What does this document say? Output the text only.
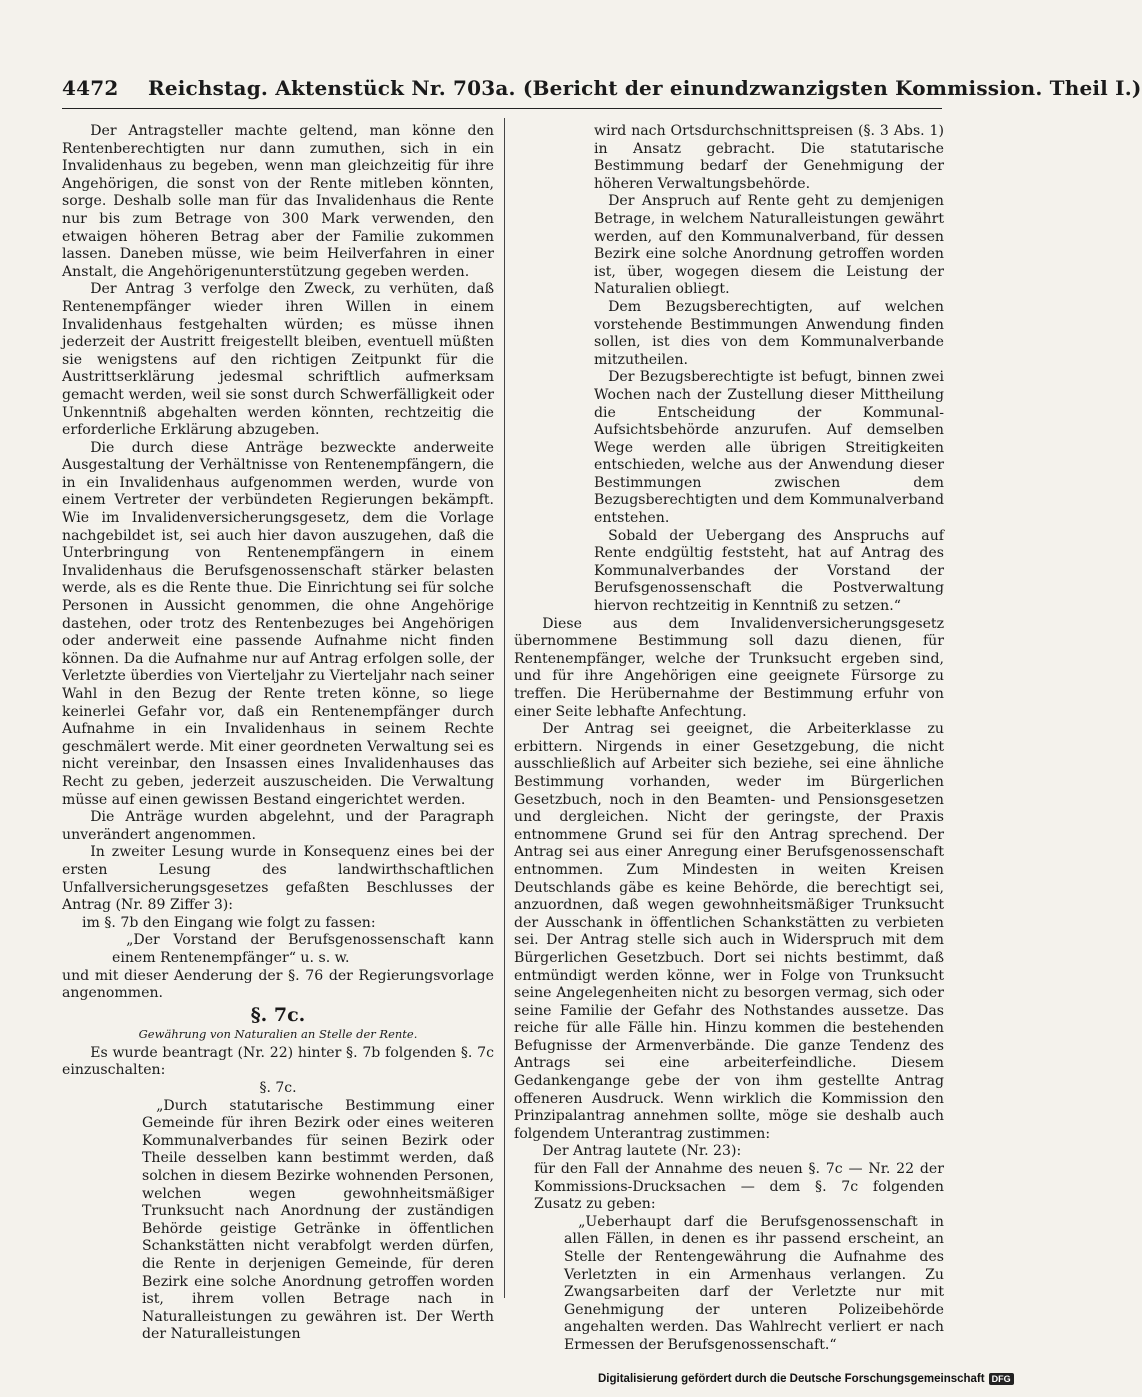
4472 Reichstag. Aktenstück Nr. 703a. (Bericht der einundzwanzigsten Kommission. Theil I.)

Der Antragsteller machte geltend, man könne den Rentenberechtigten nur dann zumuthen, sich in ein Invalidenhaus zu begeben, wenn man gleichzeitig für ihre Angehörigen, die sonst von der Rente mitleben könnten, sorge. Deshalb solle man für das Invalidenhaus die Rente nur bis zum Betrage von 300 Mark verwenden, den etwaigen höheren Betrag aber der Familie zukommen lassen. Daneben müsse, wie beim Heilverfahren in einer Anstalt, die Angehörigenunterstützung gegeben werden.

Der Antrag 3 verfolge den Zweck, zu verhüten, daß Rentenempfänger wieder ihren Willen in einem Invalidenhaus festgehalten würden; es müsse ihnen jederzeit der Austritt freigestellt bleiben, eventuell müßten sie wenigstens auf den richtigen Zeitpunkt für die Austrittserklärung jedesmal schriftlich aufmerksam gemacht werden, weil sie sonst durch Schwerfälligkeit oder Unkenntniß abgehalten werden könnten, rechtzeitig die erforderliche Erklärung abzugeben.

Die durch diese Anträge bezweckte anderweite Ausgestaltung der Verhältnisse von Rentenempfängern, die in ein Invalidenhaus aufgenommen werden, wurde von einem Vertreter der verbündeten Regierungen bekämpft. Wie im Invalidenversicherungsgesetz, dem die Vorlage nachgebildet ist, sei auch hier davon auszugehen, daß die Unterbringung von Rentenempfängern in einem Invalidenhaus die Berufsgenossenschaft stärker belasten werde, als es die Rente thue. Die Einrichtung sei für solche Personen in Aussicht genommen, die ohne Angehörige dastehen, oder trotz des Rentenbezuges bei Angehörigen oder anderweit eine passende Aufnahme nicht finden können. Da die Aufnahme nur auf Antrag erfolgen solle, der Verletzte überdies von Vierteljahr zu Vierteljahr nach seiner Wahl in den Bezug der Rente treten könne, so liege keinerlei Gefahr vor, daß ein Rentenempfänger durch Aufnahme in ein Invalidenhaus in seinem Rechte geschmälert werde. Mit einer geordneten Verwaltung sei es nicht vereinbar, den Insassen eines Invalidenhauses das Recht zu geben, jederzeit auszuscheiden. Die Verwaltung müsse auf einen gewissen Bestand eingerichtet werden.

Die Anträge wurden abgelehnt, und der Paragraph unverändert angenommen.

In zweiter Lesung wurde in Konsequenz eines bei der ersten Lesung des landwirthschaftlichen Unfallversicherungsgesetzes gefaßten Beschlusses der Antrag (Nr. 89 Ziffer 3):

im §. 7b den Eingang wie folgt zu fassen:

„Der Vorstand der Berufsgenossenschaft kann einem Rentenempfänger“ u. s. w.

und mit dieser Aenderung der §. 76 der Regierungsvorlage angenommen.

§. 7c.
Gewährung von Naturalien an Stelle der Rente.

Es wurde beantragt (Nr. 22) hinter §. 7b folgenden §. 7c einzuschalten:

§. 7c.

„Durch statutarische Bestimmung einer Gemeinde für ihren Bezirk oder eines weiteren Kommunalverbandes für seinen Bezirk oder Theile desselben kann bestimmt werden, daß solchen in diesem Bezirke wohnenden Personen, welchen wegen gewohnheitsmäßiger Trunksucht nach Anordnung der zuständigen Behörde geistige Getränke in öffentlichen Schankstätten nicht verabfolgt werden dürfen, die Rente in derjenigen Gemeinde, für deren Bezirk eine solche Anordnung getroffen worden ist, ihrem vollen Betrage nach in Naturalleistungen zu gewähren ist. Der Werth der Naturalleistungen

wird nach Ortsdurchschnittspreisen (§. 3 Abs. 1) in Ansatz gebracht. Die statutarische Bestimmung bedarf der Genehmigung der höheren Verwaltungsbehörde.

Der Anspruch auf Rente geht zu demjenigen Betrage, in welchem Naturalleistungen gewährt werden, auf den Kommunalverband, für dessen Bezirk eine solche Anordnung getroffen worden ist, über, wogegen diesem die Leistung der Naturalien obliegt.

Dem Bezugsberechtigten, auf welchen vorstehende Bestimmungen Anwendung finden sollen, ist dies von dem Kommunalverbande mitzutheilen.

Der Bezugsberechtigte ist befugt, binnen zwei Wochen nach der Zustellung dieser Mittheilung die Entscheidung der Kommunal-Aufsichtsbehörde anzurufen. Auf demselben Wege werden alle übrigen Streitigkeiten entschieden, welche aus der Anwendung dieser Bestimmungen zwischen dem Bezugsberechtigten und dem Kommunalverband entstehen.

Sobald der Uebergang des Anspruchs auf Rente endgültig feststeht, hat auf Antrag des Kommunalverbandes der Vorstand der Berufsgenossenschaft die Postverwaltung hiervon rechtzeitig in Kenntniß zu setzen.“

Diese aus dem Invalidenversicherungsgesetz übernommene Bestimmung soll dazu dienen, für Rentenempfänger, welche der Trunksucht ergeben sind, und für ihre Angehörigen eine geeignete Fürsorge zu treffen. Die Herübernahme der Bestimmung erfuhr von einer Seite lebhafte Anfechtung.

Der Antrag sei geeignet, die Arbeiterklasse zu erbittern. Nirgends in einer Gesetzgebung, die nicht ausschließlich auf Arbeiter sich beziehe, sei eine ähnliche Bestimmung vorhanden, weder im Bürgerlichen Gesetzbuch, noch in den Beamten- und Pensionsgesetzen und dergleichen. Nicht der geringste, der Praxis entnommene Grund sei für den Antrag sprechend. Der Antrag sei aus einer Anregung einer Berufsgenossenschaft entnommen. Zum Mindesten in weiten Kreisen Deutschlands gäbe es keine Behörde, die berechtigt sei, anzuordnen, daß wegen gewohnheitsmäßiger Trunksucht der Ausschank in öffentlichen Schankstätten zu verbieten sei. Der Antrag stelle sich auch in Widerspruch mit dem Bürgerlichen Gesetzbuch. Dort sei nichts bestimmt, daß entmündigt werden könne, wer in Folge von Trunksucht seine Angelegenheiten nicht zu besorgen vermag, sich oder seine Familie der Gefahr des Nothstandes aussetze. Das reiche für alle Fälle hin. Hinzu kommen die bestehenden Befugnisse der Armenverbände. Die ganze Tendenz des Antrags sei eine arbeiterfeindliche. Diesem Gedankengange gebe der von ihm gestellte Antrag offeneren Ausdruck. Wenn wirklich die Kommission den Prinzipalantrag annehmen sollte, möge sie deshalb auch folgendem Unterantrag zustimmen:

Der Antrag lautete (Nr. 23):

für den Fall der Annahme des neuen §. 7c — Nr. 22 der Kommissions-Drucksachen — dem §. 7c folgenden Zusatz zu geben:

„Ueberhaupt darf die Berufsgenossenschaft in allen Fällen, in denen es ihr passend erscheint, an Stelle der Rentengewährung die Aufnahme des Verletzten in ein Armenhaus verlangen. Zu Zwangsarbeiten darf der Verletzte nur mit Genehmigung der unteren Polizeibehörde angehalten werden. Das Wahlrecht verliert er nach Ermessen der Berufsgenossenschaft.“

Digitalisierung gefördert durch die Deutsche Forschungsgemeinschaft DFG
